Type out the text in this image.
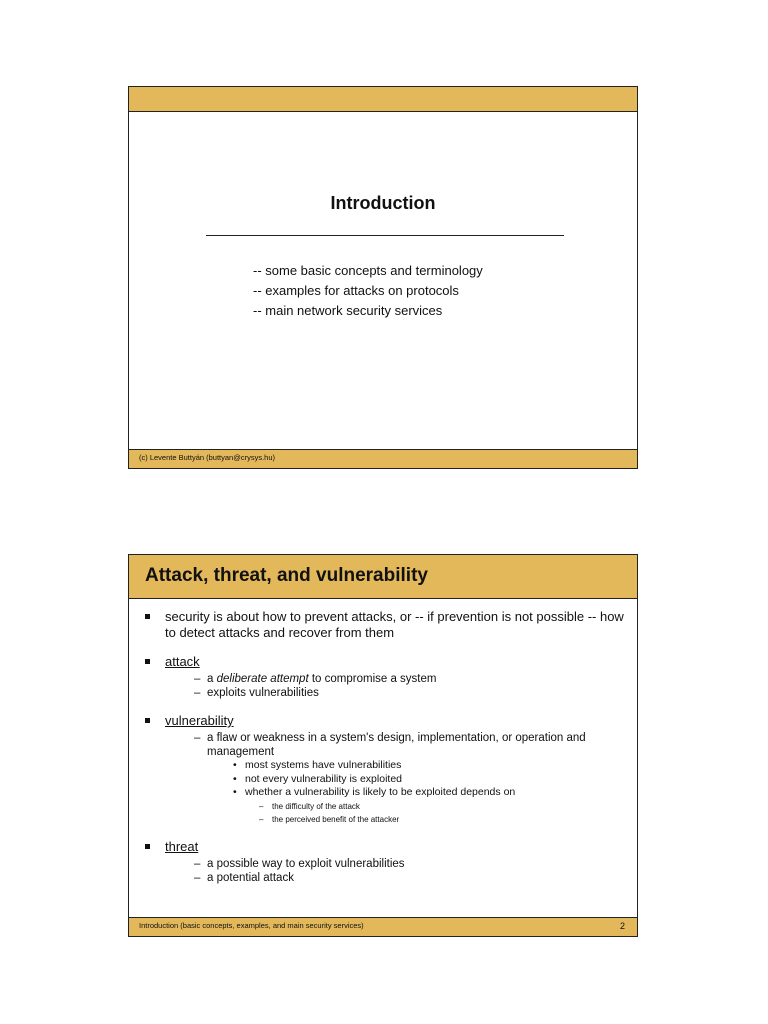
Introduction
-- some basic concepts and terminology
-- examples for attacks on protocols
-- main network security services
(c) Levente Buttyán (buttyan@crysys.hu)
Attack, threat, and vulnerability
security is about how to prevent attacks, or -- if prevention is not possible -- how to detect attacks and recover from them
attack
– a deliberate attempt to compromise a system
– exploits vulnerabilities
vulnerability
– a flaw or weakness in a system's design, implementation, or operation and management
• most systems have vulnerabilities
• not every vulnerability is exploited
• whether a vulnerability is likely to be exploited depends on
– the difficulty of the attack
– the perceived benefit of the attacker
threat
– a possible way to exploit vulnerabilities
– a potential attack
Introduction (basic concepts, examples, and main security services)	2
